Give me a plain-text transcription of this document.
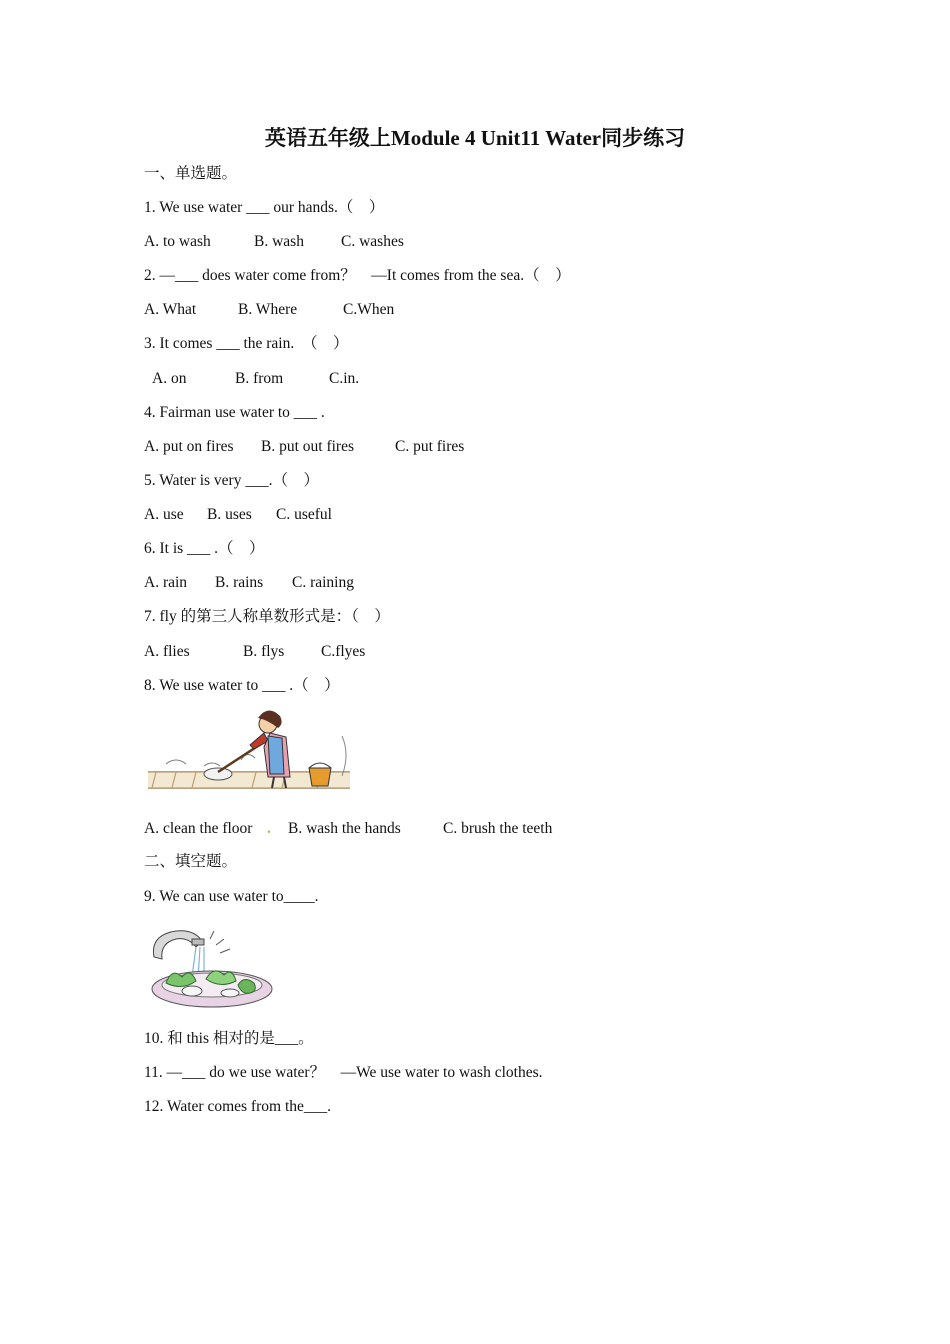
英语五年级上Module 4 Unit11 Water同步练习
一、单选题。
1. We use water ___ our hands.（　）

A. to wash

	B. wash

C. washes

2. —___ does water come from？　—It comes from the sea.（　）

A. What

	B. Where

	C.When

3. It comes ___ the rain.　（　）

A. on

	B. from

	C.in.

4. Fairman use water to ___ .

A. put on fires

B. put out fires

	C. put fires

5. Water is very ___.（　）

A. use

B. uses

C. useful

6. It is ___ .（　）

A. rain

B. rains

C. raining

7. fly 的第三人称单数形式是：（　）

A. flies

	B. flys

C.flyes

8. We use water to ___ .（　）

A. clean the floor

.

B. wash the hands

	C. brush the teeth

二、填空题。
9. We can use water to____.
10. 和 this 相对的是___。
11. —___ do we use water？　—We use water to wash clothes.
12. Water comes from the___.
